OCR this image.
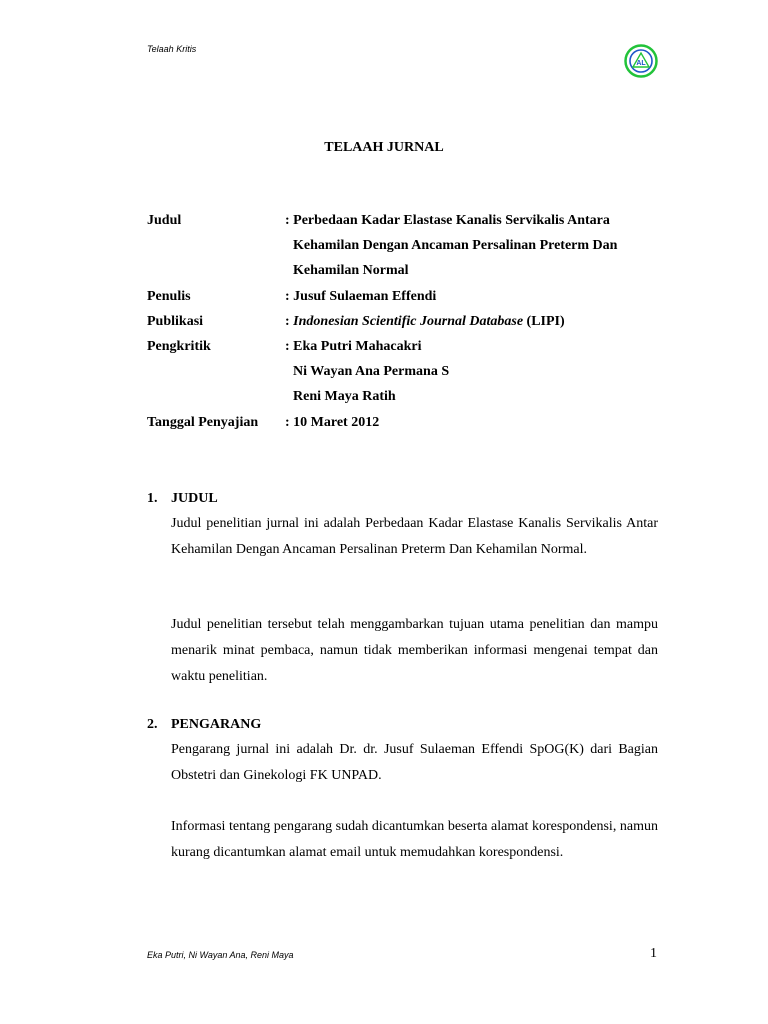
Telaah Kritis
AL
TELAAH JURNAL
Judul	: Perbedaan Kadar Elastase Kanalis Servikalis Antara
Kehamilan Dengan Ancaman Persalinan Preterm Dan
Kehamilan Normal
Penulis	: Jusuf Sulaeman Effendi
Publikasi	: Indonesian Scientific Journal Database (LIPI)
Pengkritik	: Eka Putri Mahacakri
Ni Wayan Ana Permana S
Reni Maya Ratih
Tanggal Penyajian : 10 Maret 2012
1. JUDUL
Judul penelitian jurnal ini adalah Perbedaan Kadar Elastase Kanalis Servikalis Antar Kehamilan Dengan Ancaman Persalinan Preterm Dan Kehamilan Normal.
Judul penelitian tersebut telah menggambarkan tujuan utama penelitian dan mampu menarik minat pembaca, namun tidak memberikan informasi mengenai tempat dan waktu penelitian.
2. PENGARANG
Pengarang jurnal ini adalah Dr. dr. Jusuf Sulaeman Effendi SpOG(K) dari Bagian Obstetri dan Ginekologi FK UNPAD.
Informasi tentang pengarang sudah dicantumkan beserta alamat korespondensi, namun kurang dicantumkan alamat email untuk memudahkan korespondensi.
Eka Putri, Ni Wayan Ana, Reni Maya	1
